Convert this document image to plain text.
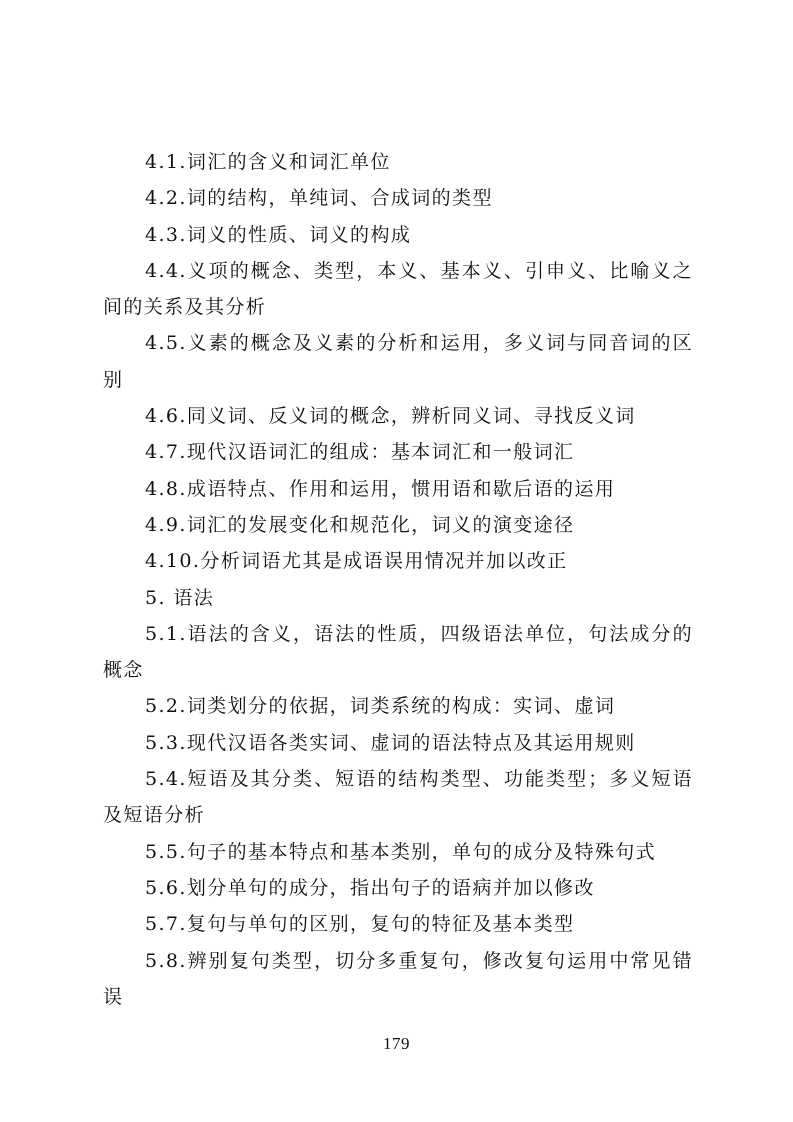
4.1.词汇的含义和词汇单位

4.2.词的结构，单纯词、合成词的类型

4.3.词义的性质、词义的构成

4.4.义项的概念、类型，本义、基本义、引申义、比喻义之间的关系及其分析

4.5.义素的概念及义素的分析和运用，多义词与同音词的区别

4.6.同义词、反义词的概念，辨析同义词、寻找反义词

4.7.现代汉语词汇的组成：基本词汇和一般词汇

4.8.成语特点、作用和运用，惯用语和歇后语的运用

4.9.词汇的发展变化和规范化，词义的演变途径

4.10.分析词语尤其是成语误用情况并加以改正

5. 语法

5.1.语法的含义，语法的性质，四级语法单位，句法成分的概念

5.2.词类划分的依据，词类系统的构成：实词、虚词

5.3.现代汉语各类实词、虚词的语法特点及其运用规则

5.4.短语及其分类、短语的结构类型、功能类型；多义短语及短语分析

5.5.句子的基本特点和基本类别，单句的成分及特殊句式

5.6.划分单句的成分，指出句子的语病并加以修改

5.7.复句与单句的区别，复句的特征及基本类型

5.8.辨别复句类型，切分多重复句，修改复句运用中常见错误

179
